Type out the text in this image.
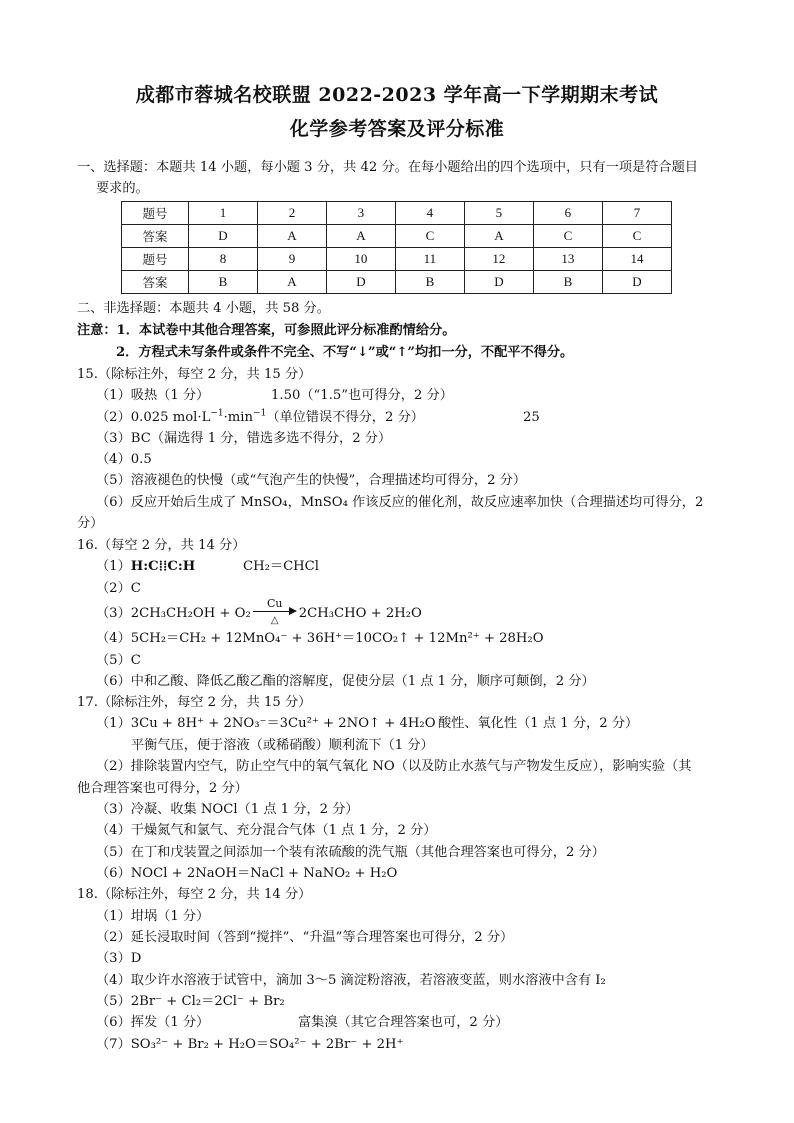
成都市蓉城名校联盟 2022-2023 学年高一下学期期末考试
化学参考答案及评分标准
一、选择题：本题共 14 小题，每小题 3 分，共 42 分。在每小题给出的四个选项中，只有一项是符合题目
要求的。
题号	1	2	3	4	5	6	7
答案	D	A	A	C	A	C	C
题号	8	9	10	11	12	13	14
答案	B	A	D	B	D	B	D
二、非选择题：本题共 4 小题，共 58 分。
注意：1．本试卷中其他合理答案，可参照此评分标准酌情给分。
2．方程式未写条件或条件不完全、不写“↓”或“↑”均扣一分，不配平不得分。
15.（除标注外，每空 2 分，共 15 分）
（1）吸热（1 分）	1.50（“1.5”也可得分，2 分）
（2）0.025 $mol\cdot L^{-1}\cdot\min^{-1}$（单位错误不得分，2 分）	25
（3）BC（漏选得 1 分，错选多选不得分，2 分）
（4）0.5
（5）溶液褪色的快慢（或“气泡产生的快慢”，合理描述均可得分，2 分）
（6）反应开始后生成了 MnSO₄，MnSO₄ 作该反应的催化剂，故反应速率加快（合理描述均可得分，2
分）
16.（每空 2 分，共 14 分）
（1）H:C⁞⁞C:H	CH₂＝CHCl
（2）C
（3）2CH₃CH₂OH + O₂
Cu
△	2CH₃CHO + 2H₂O
（4）5CH₂＝CH₂ + 12MnO₄⁻ + 36H⁺＝10CO₂↑ + 12Mn²⁺ + 28H₂O
（5）C
（6）中和乙酸、降低乙酸乙酯的溶解度，促使分层（1 点 1 分，顺序可颠倒，2 分）
17.（除标注外，每空 2 分，共 15 分）
（1）3Cu + 8H⁺ + 2NO₃⁻＝3Cu²⁺ + 2NO↑ + 4H₂O 酸性、氧化性（1 点 1 分，2 分）
平衡气压，便于溶液（或稀硝酸）顺利流下（1 分）
（2）排除装置内空气，防止空气中的氧气氧化 NO（以及防止水蒸气与产物发生反应），影响实验（其
他合理答案也可得分，2 分）
（3）冷凝、收集 NOCl（1 点 1 分，2 分）
（4）干燥氮气和氯气、充分混合气体（1 点 1 分，2 分）
（5）在丁和戊装置之间添加一个装有浓硫酸的洗气瓶（其他合理答案也可得分，2 分）
（6）NOCl + 2NaOH＝NaCl + NaNO₂ + H₂O
18.（除标注外，每空 2 分，共 14 分）
（1）坩埚（1 分）
（2）延长浸取时间（答到“搅拌”、“升温”等合理答案也可得分，2 分）
（3）D
（4）取少许水溶液于试管中，滴加 3～5 滴淀粉溶液，若溶液变蓝，则水溶液中含有 I₂
（5）2Br⁻ + Cl₂＝2Cl⁻ + Br₂
（6）挥发（1 分）	富集溴（其它合理答案也可，2 分）
（7）SO₃²⁻ + Br₂ + H₂O＝SO₄²⁻ + 2Br⁻ + 2H⁺
